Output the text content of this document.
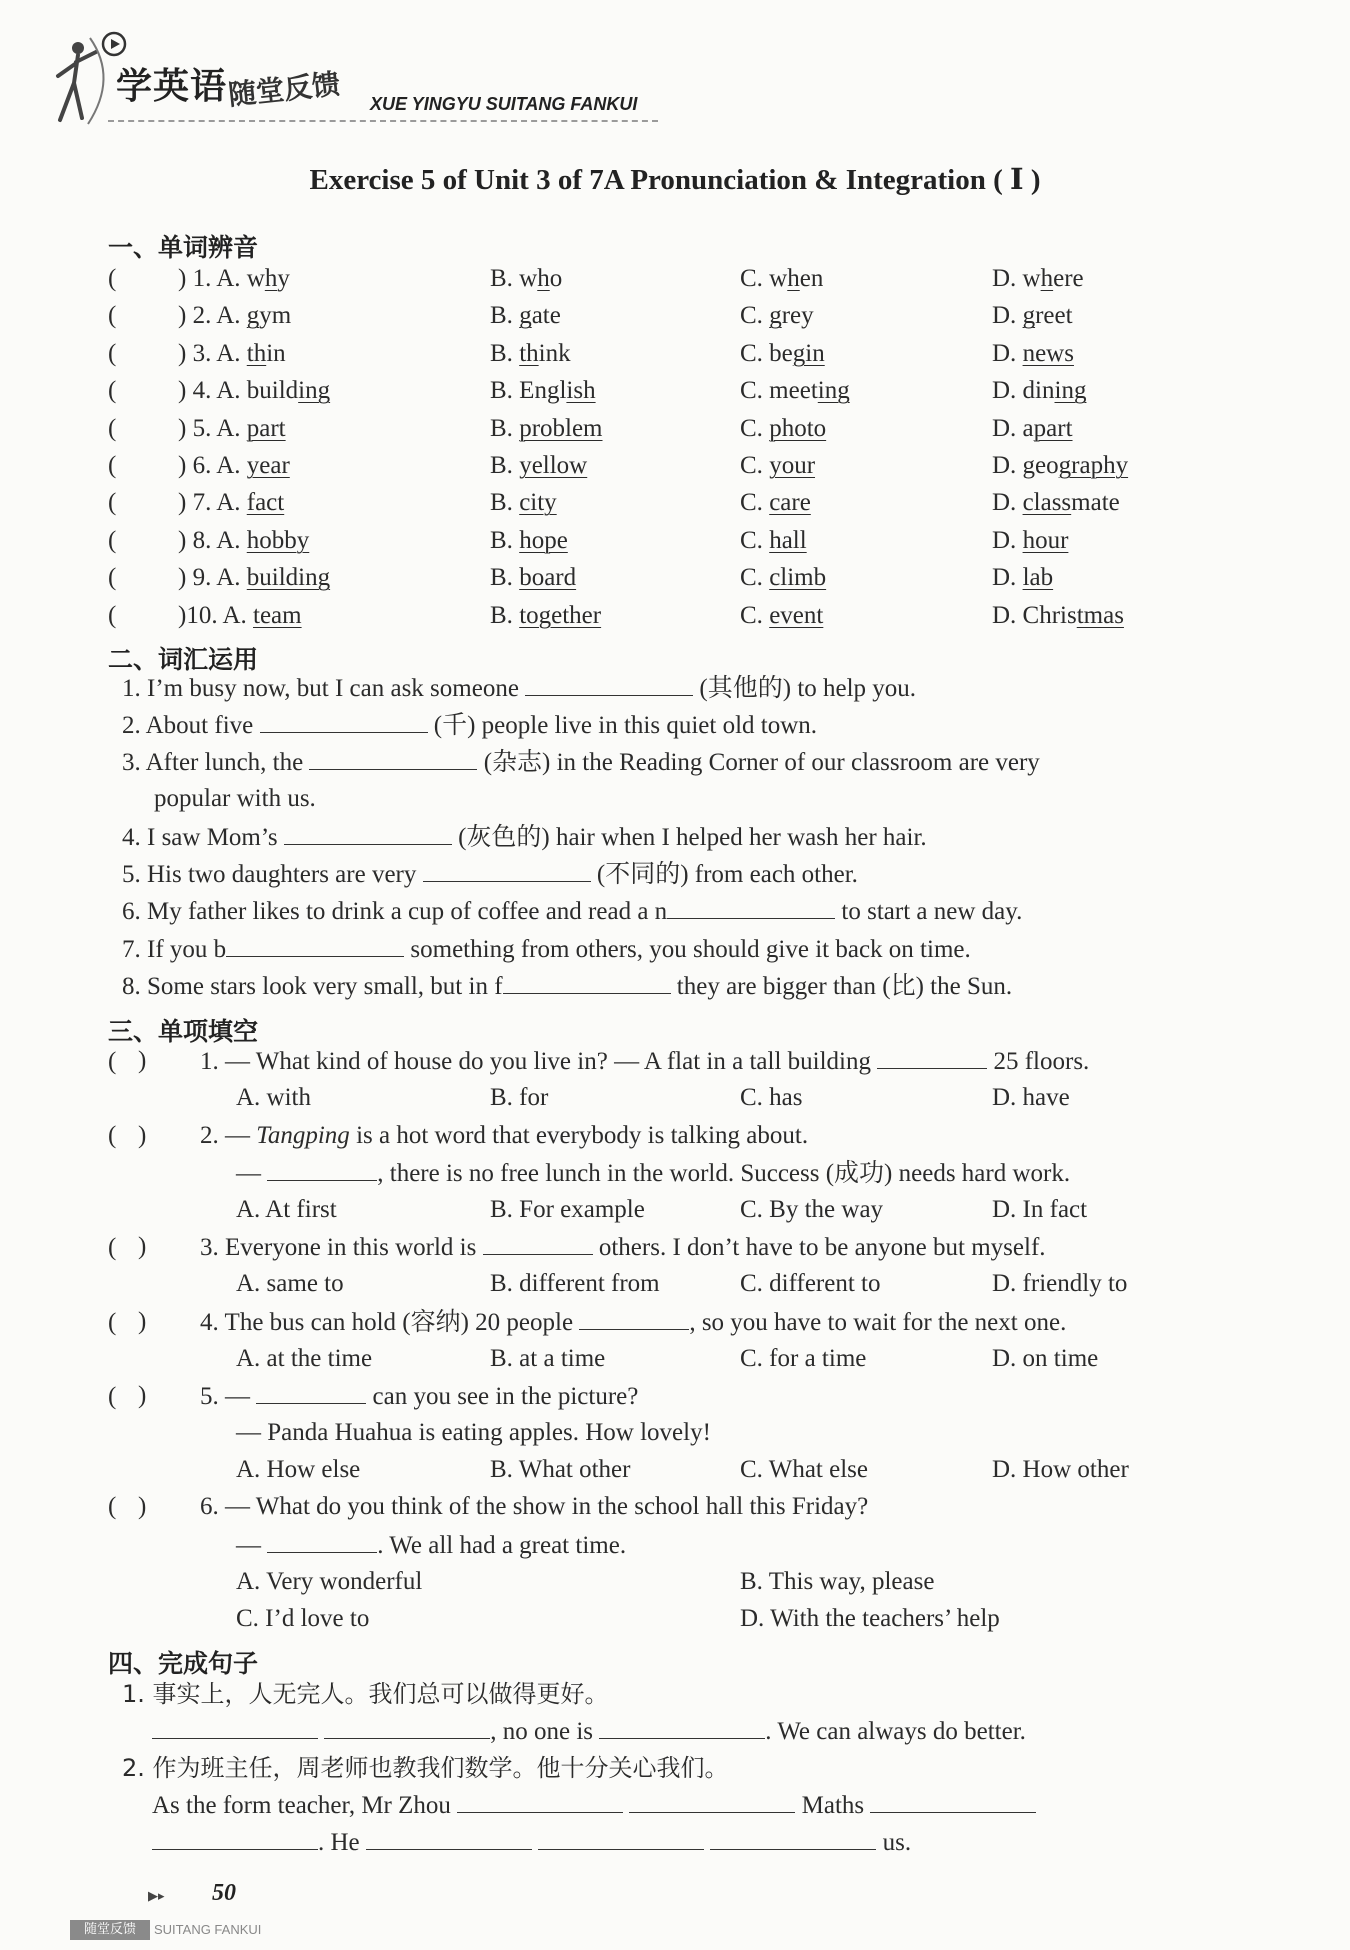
学英语 随堂反馈 XUE YINGYU SUITANG FANKUI
Exercise 5 of Unit 3 of 7A Pronunciation & Integration ( Ⅰ )
一、单词辨音
( ) 1. A. why	B. who	C. when	D. where
( ) 2. A. gym	B. gate	C. grey	D. greet
( ) 3. A. thin	B. think	C. begin	D. news
( ) 4. A. building	B. English	C. meeting	D. dining
( ) 5. A. part	B. problem	C. photo	D. apart
( ) 6. A. year	B. yellow	C. your	D. geography
( ) 7. A. fact	B. city	C. care	D. classmate
( ) 8. A. hobby	B. hope	C. hall	D. hour
( ) 9. A. building	B. board	C. climb	D. lab
( )10. A. team	B. together	C. event	D. Christmas
二、词汇运用
1. I’m busy now, but I can ask someone	(其他的) to help you.
2. About five	(千) people live in this quiet old town.
3. After lunch, the	(杂志) in the Reading Corner of our classroom are very
popular with us.
4. I saw Mom’s	(灰色的) hair when I helped her wash her hair.
5. His two daughters are very	(不同的) from each other.
6. My father likes to drink a cup of coffee and read a n	to start a new day.
7. If you b	something from others, you should give it back on time.
8. Some stars look very small, but in f	they are bigger than (比) the Sun.
三、单项填空
(	1. — What kind of house do you live in? — A flat in a tall building	25 floors.
)
A. with	B. for	C. has	D. have
(	2. — Tangping is a hot word that everybody is talking about.
)
—	, there is no free lunch in the world. Success (成功) needs hard work.
A. At first	B. For example	C. By the way	D. In fact
(	3. Everyone in this world is	others. I don’t have to be anyone but myself.
)
A. same to	B. different from	C. different to	D. friendly to
(	4. The bus can hold (容纳) 20 people	, so you have to wait for the next one.
)
A. at the time	B. at a time	C. for a time	D. on time
(	5. —	can you see in the picture?
)
— Panda Huahua is eating apples. How lovely!
A. How else	B. What other	C. What else	D. How other
(	6. — What do you think of the show in the school hall this Friday?
)
—	. We all had a great time.
A. Very wonderful	B. This way, please
C. I’d love to	D. With the teachers’ help
四、完成句子
1. 事实上，人无完人。我们总可以做得更好。
, no one is	. We can always do better.
2. 作为班主任，周老师也教我们数学。他十分关心我们。
As the form teacher, Mr Zhou	Maths
. He	us.
▶▸ 50
随堂反馈	SUITANG FANKUI
